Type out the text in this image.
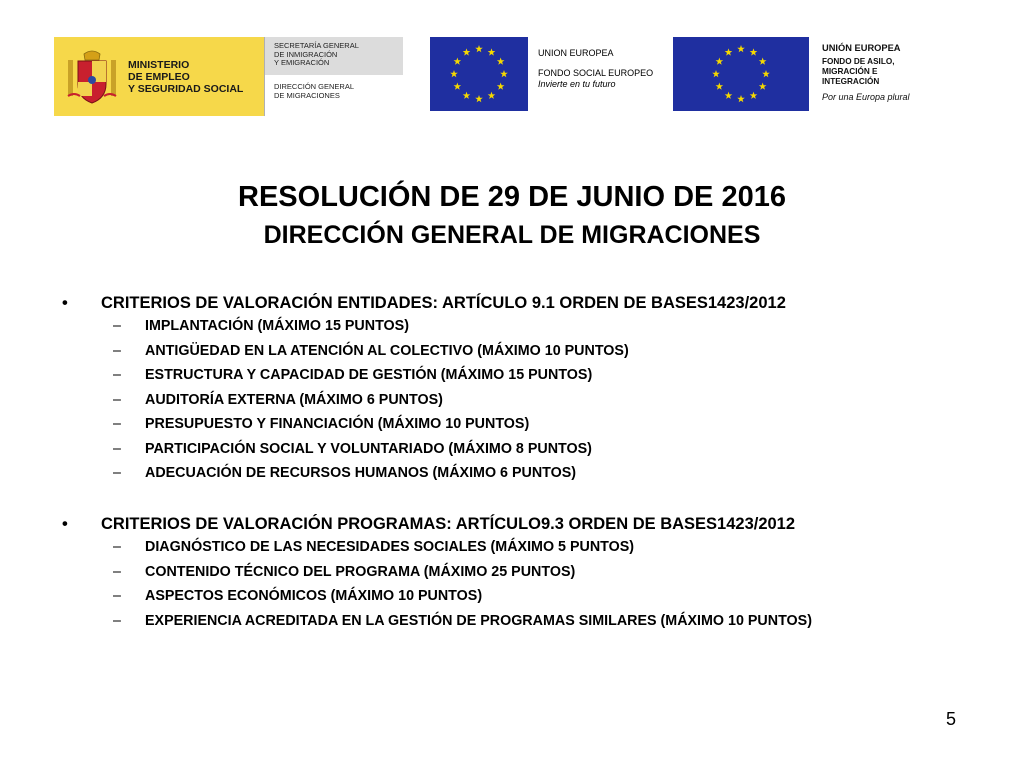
MINISTERIO
DE EMPLEO
Y SEGURIDAD SOCIAL
SECRETARÍA GENERAL
DE INMIGRACIÓN
Y EMIGRACIÓN
DIRECCIÓN GENERAL
DE MIGRACIONES
UNION EUROPEA
FONDO SOCIAL EUROPEO
Invierte en tu futuro
UNIÓN EUROPEA
FONDO DE ASILO,
MIGRACIÓN E
INTEGRACIÓN
Por una Europa plural
RESOLUCIÓN DE 29 DE JUNIO DE 2016
DIRECCIÓN GENERAL DE MIGRACIONES
• CRITERIOS DE VALORACIÓN ENTIDADES: ARTÍCULO 9.1 ORDEN DE BASES1423/2012
– IMPLANTACIÓN (MÁXIMO 15 PUNTOS)
– ANTIGÜEDAD EN LA ATENCIÓN AL COLECTIVO (MÁXIMO 10 PUNTOS)
– ESTRUCTURA Y CAPACIDAD DE GESTIÓN (MÁXIMO 15 PUNTOS)
– AUDITORÍA EXTERNA (MÁXIMO 6 PUNTOS)
– PRESUPUESTO Y FINANCIACIÓN (MÁXIMO 10 PUNTOS)
– PARTICIPACIÓN SOCIAL Y VOLUNTARIADO (MÁXIMO 8 PUNTOS)
– ADECUACIÓN DE RECURSOS HUMANOS (MÁXIMO 6 PUNTOS)
• CRITERIOS DE VALORACIÓN PROGRAMAS: ARTÍCULO9.3 ORDEN DE BASES1423/2012
– DIAGNÓSTICO DE LAS NECESIDADES SOCIALES (MÁXIMO 5 PUNTOS)
– CONTENIDO TÉCNICO DEL PROGRAMA (MÁXIMO 25 PUNTOS)
– ASPECTOS ECONÓMICOS (MÁXIMO 10 PUNTOS)
– EXPERIENCIA ACREDITADA EN LA GESTIÓN DE PROGRAMAS SIMILARES (MÁXIMO 10 PUNTOS)
5
